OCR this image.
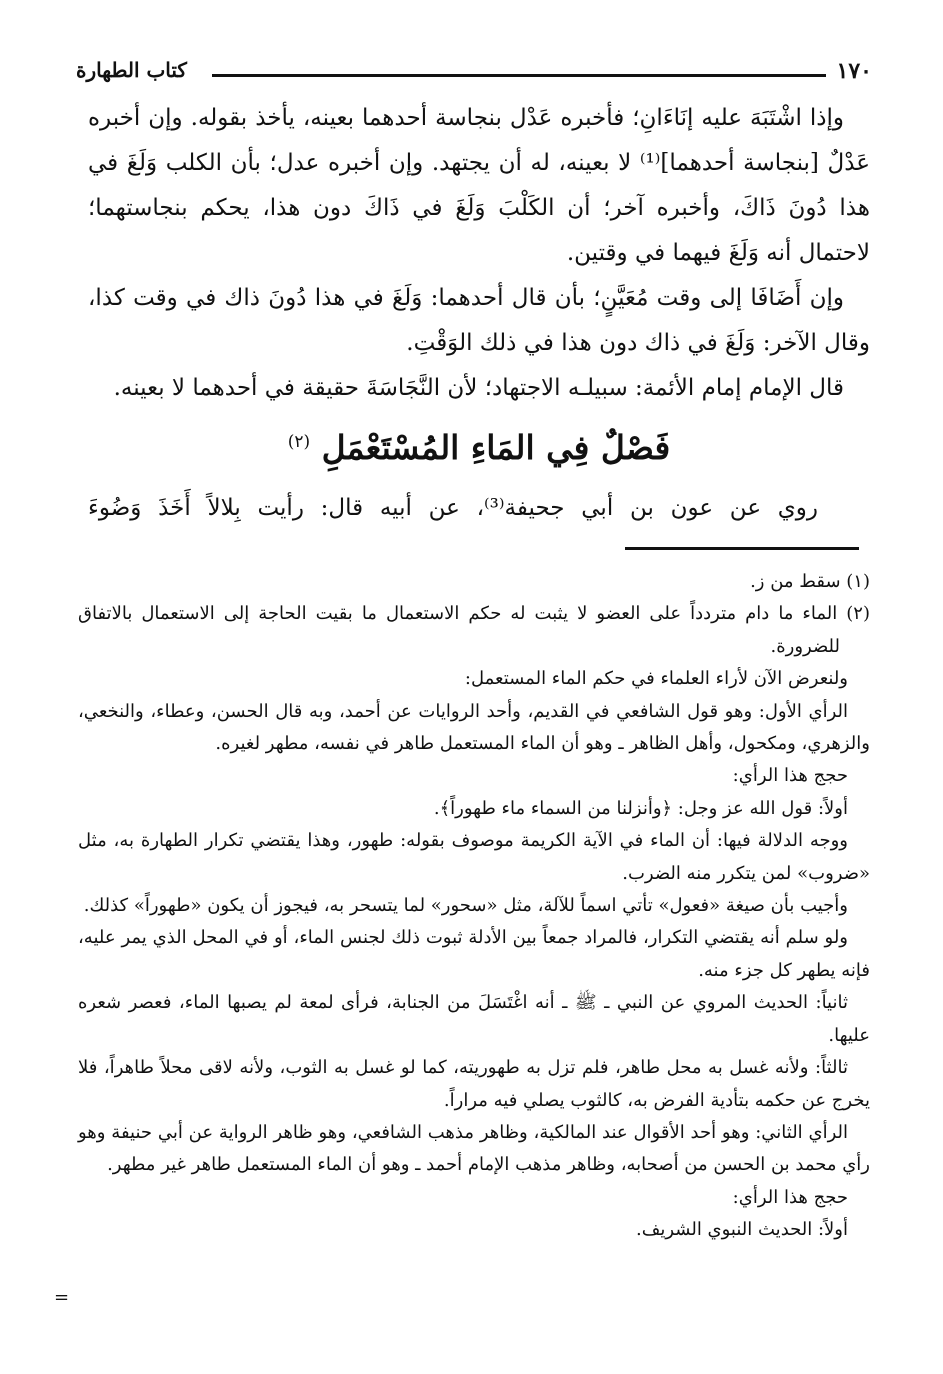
١٧٠
كتاب الطهارة

وإذا اشْتَبَهَ عليه إنَاءَانِ؛ فأخبره عَدْل بنجاسة أحدهما بعينه، يأخذ بقوله. وإن أخبره عَدْلٌ [بنجاسة أحدهما]⁽¹⁾ لا بعينه، له أن يجتهد. وإن أخبره عدل؛ بأن الكلب وَلَغَ في هذا دُونَ ذَاكَ، وأخبره آخر؛ أن الكَلْبَ وَلَغَ في ذَاكَ دون هذا، يحكم بنجاستهما؛ لاحتمال أنه وَلَغَ فيهما في وقتين.

وإن أَضَافَا إلى وقت مُعَيَّنٍ؛ بأن قال أحدهما: وَلَغَ في هذا دُونَ ذاك في وقت كذا، وقال الآخر: وَلَغَ في ذاك دون هذا في ذلك الوَقْتِ.

قال الإمام إمام الأئمة: سبيلـه الاجتهاد؛ لأن النَّجَاسَةَ حقيقة في أحدهما لا بعينه.

فَصْلٌ فِي المَاءِ المُسْتَعْمَلِ $^{(٢)}$

روي عن عون بن أبي جحيفة⁽³⁾، عن أبيه قال: رأيت بِلالاً أَخَذَ وَضُوءَ

(١) سقط من ز.

(٢) الماء ما دام متردداً على العضو لا يثبت له حكم الاستعمال ما بقيت الحاجة إلى الاستعمال بالاتفاق للضرورة.

ولنعرض الآن لأراء العلماء في حكم الماء المستعمل:

الرأي الأول: وهو قول الشافعي في القديم، وأحد الروايات عن أحمد، وبه قال الحسن، وعطاء، والنخعي، والزهري، ومكحول، وأهل الظاهر ـ وهو أن الماء المستعمل طاهر في نفسه، مطهر لغيره.

حجج هذا الرأي:

أولاً: قول الله عز وجل: ﴿وأنزلنا من السماء ماء طهوراً﴾.

ووجه الدلالة فيها: أن الماء في الآية الكريمة موصوف بقوله: طهور، وهذا يقتضي تكرار الطهارة به، مثل «ضروب» لمن يتكرر منه الضرب.

وأجيب بأن صيغة «فعول» تأتي اسماً للآلة، مثل «سحور» لما يتسحر به، فيجوز أن يكون «طهوراً» كذلك.

ولو سلم أنه يقتضي التكرار، فالمراد جمعاً بين الأدلة ثبوت ذلك لجنس الماء، أو في المحل الذي يمر عليه، فإنه يطهر كل جزء منه.

ثانياً: الحديث المروي عن النبي ـ ﷺ ـ أنه اغْتَسَلَ من الجنابة، فرأى لمعة لم يصبها الماء، فعصر شعره عليها.

ثالثاً: ولأنه غسل به محل طاهر، فلم تزل به طهوريته، كما لو غسل به الثوب، ولأنه لاقى محلاً طاهراً، فلا يخرج عن حكمه بتأدية الفرض به، كالثوب يصلي فيه مراراً.

الرأي الثاني: وهو أحد الأقوال عند المالكية، وظاهر مذهب الشافعي، وهو ظاهر الرواية عن أبي حنيفة وهو رأي محمد بن الحسن من أصحابه، وظاهر مذهب الإمام أحمد ـ وهو أن الماء المستعمل طاهر غير مطهر.

حجج هذا الرأي:

أولاً: الحديث النبوي الشريف.

=
